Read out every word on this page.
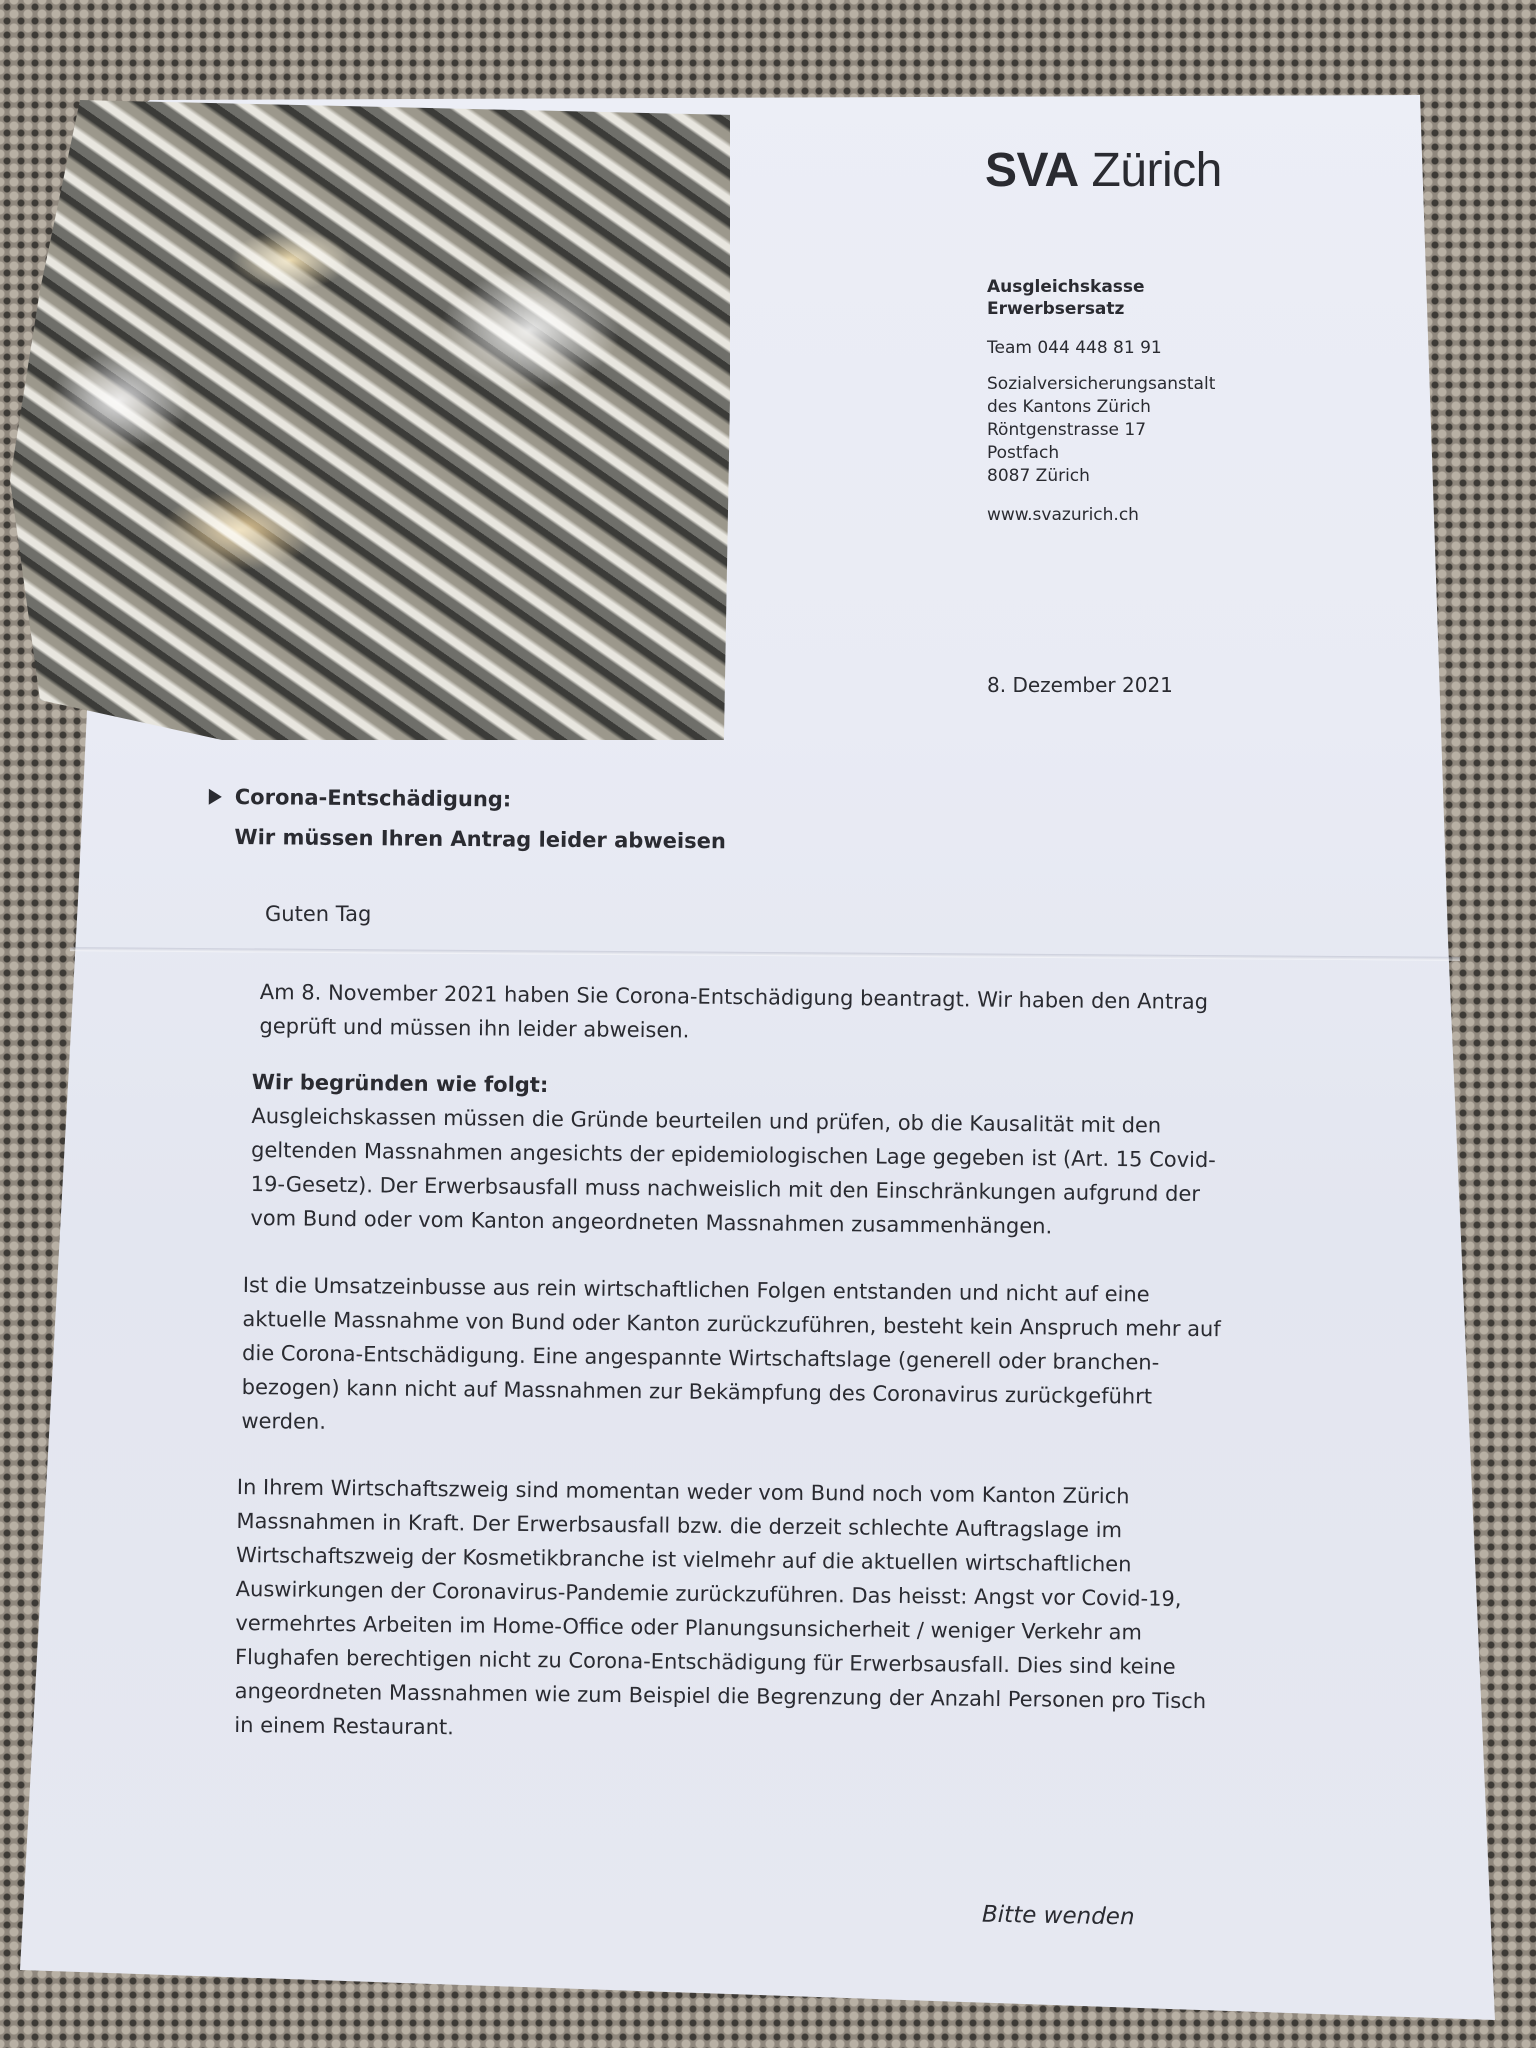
SVA Zürich
Ausgleichskasse
Erwerbsersatz
Team 044 448 81 91
Sozialversicherungsanstalt
des Kantons Zürich
Röntgenstrasse 17
Postfach
8087 Zürich
www.svazurich.ch
8. Dezember 2021
Corona-Entschädigung:
Wir müssen Ihren Antrag leider abweisen
Guten Tag

Am 8. November 2021 haben Sie Corona-Entschädigung beantragt. Wir haben den Antrag

geprüft und müssen ihn leider abweisen.

Wir begründen wie folgt:

Ausgleichskassen müssen die Gründe beurteilen und prüfen, ob die Kausalität mit den

geltenden Massnahmen angesichts der epidemiologischen Lage gegeben ist (Art. 15 Covid-

19-Gesetz). Der Erwerbsausfall muss nachweislich mit den Einschränkungen aufgrund der

vom Bund oder vom Kanton angeordneten Massnahmen zusammenhängen.

Ist die Umsatzeinbusse aus rein wirtschaftlichen Folgen entstanden und nicht auf eine

aktuelle Massnahme von Bund oder Kanton zurückzuführen, besteht kein Anspruch mehr auf

die Corona-Entschädigung. Eine angespannte Wirtschaftslage (generell oder branchen-

bezogen) kann nicht auf Massnahmen zur Bekämpfung des Coronavirus zurückgeführt

werden.

In Ihrem Wirtschaftszweig sind momentan weder vom Bund noch vom Kanton Zürich

Massnahmen in Kraft. Der Erwerbsausfall bzw. die derzeit schlechte Auftragslage im

Wirtschaftszweig der Kosmetikbranche ist vielmehr auf die aktuellen wirtschaftlichen

Auswirkungen der Coronavirus-Pandemie zurückzuführen. Das heisst: Angst vor Covid-19,

vermehrtes Arbeiten im Home-Office oder Planungsunsicherheit / weniger Verkehr am

Flughafen berechtigen nicht zu Corona-Entschädigung für Erwerbsausfall. Dies sind keine

angeordneten Massnahmen wie zum Beispiel die Begrenzung der Anzahl Personen pro Tisch

in einem Restaurant.

Bitte wenden
